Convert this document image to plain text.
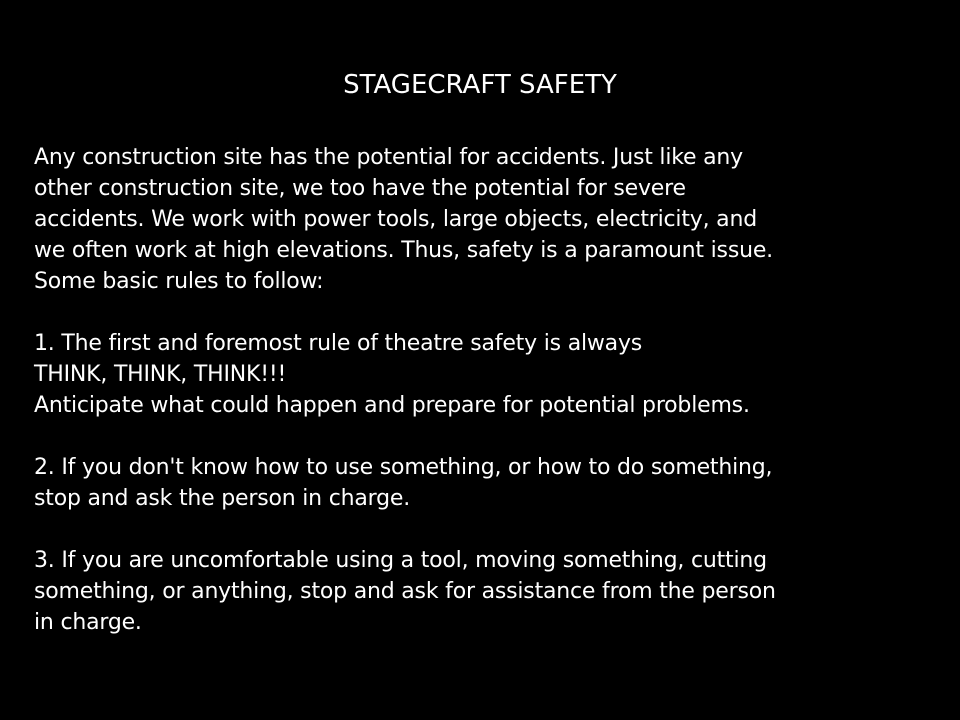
STAGECRAFT SAFETY

Any construction site has the potential for accidents. Just like any
other construction site, we too have the potential for severe
accidents. We work with power tools, large objects, electricity, and
we often work at high elevations. Thus, safety is a paramount issue.
Some basic rules to follow:

1. The first and foremost rule of theatre safety is always
THINK, THINK, THINK!!!
Anticipate what could happen and prepare for potential problems.

2. If you don't know how to use something, or how to do something,
stop and ask the person in charge.

3. If you are uncomfortable using a tool, moving something, cutting
something, or anything, stop and ask for assistance from the person
in charge.
